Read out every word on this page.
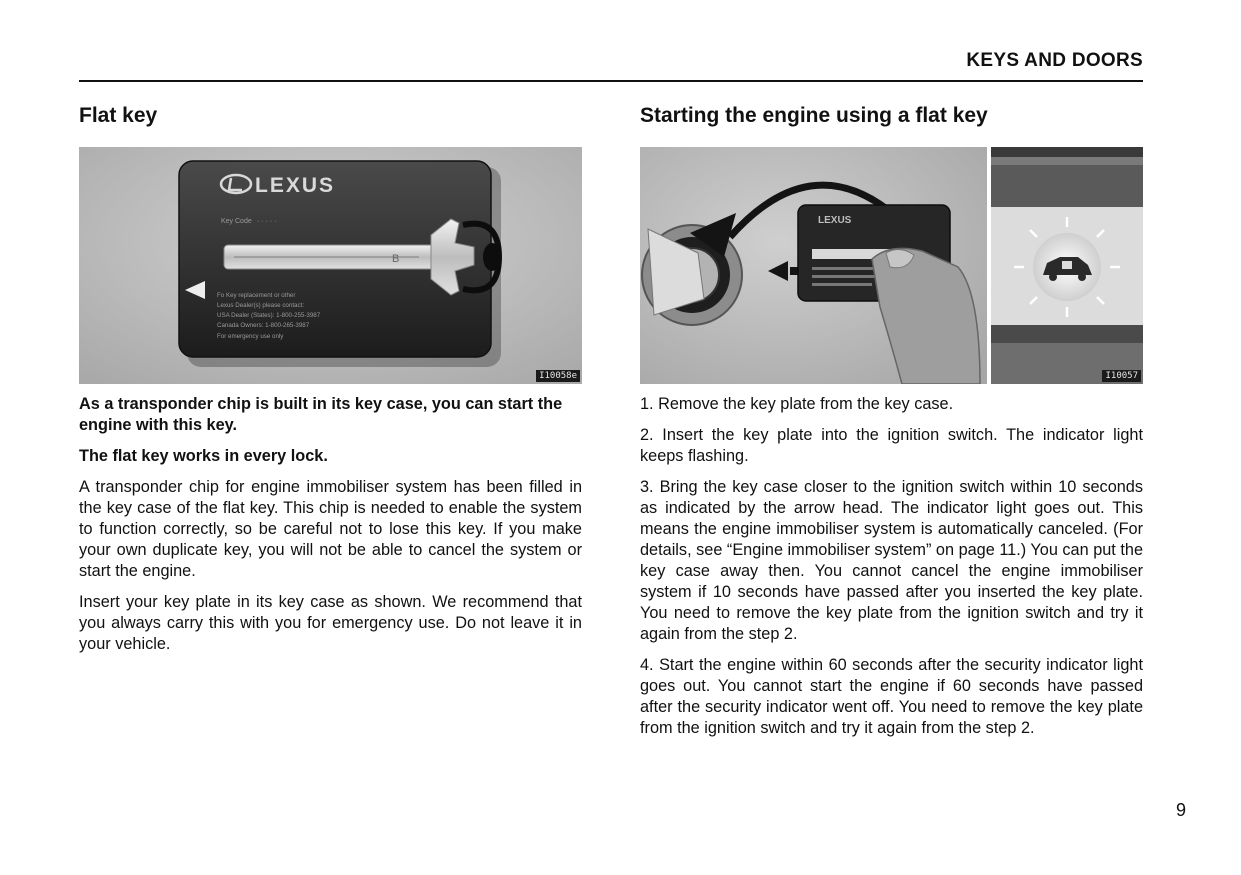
KEYS AND DOORS
Flat key
LEXUS
Key Code · · · · ·
B
Fo Key replacement or other
Lexus Dealer(s) please contact:
USA Dealer (States): 1-800-255-3987
Canada Owners: 1-800-265-3987
For emergency use only
I10058e

As a transponder chip is built in its key case, you can start the engine with this key.

The flat key works in every lock.

A transponder chip for engine immobiliser system has been filled in the key case of the flat key. This chip is needed to enable the system to function correctly, so be careful not to lose this key. If you make your own duplicate key, you will not be able to cancel the system or start the engine.

Insert your key plate in its key case as shown. We recommend that you always carry this with you for emergency use. Do not leave it in your vehicle.

Starting the engine using a flat key
LEXUS
I10057

1. Remove the key plate from the key case.

2. Insert the key plate into the ignition switch. The indicator light keeps flashing.

3. Bring the key case closer to the ignition switch within 10 seconds as indicated by the arrow head. The indicator light goes out. This means the engine immobiliser system is automatically canceled. (For details, see “Engine immobiliser system” on page 11.) You can put the key case away then. You cannot cancel the engine immobiliser system if 10 seconds have passed after you inserted the key plate. You need to remove the key plate from the ignition switch and try it again from the step 2.

4. Start the engine within 60 seconds after the security indicator light goes out. You cannot start the engine if 60 seconds have passed after the security indicator went off. You need to remove the key plate from the ignition switch and try it again from the step 2.

9
